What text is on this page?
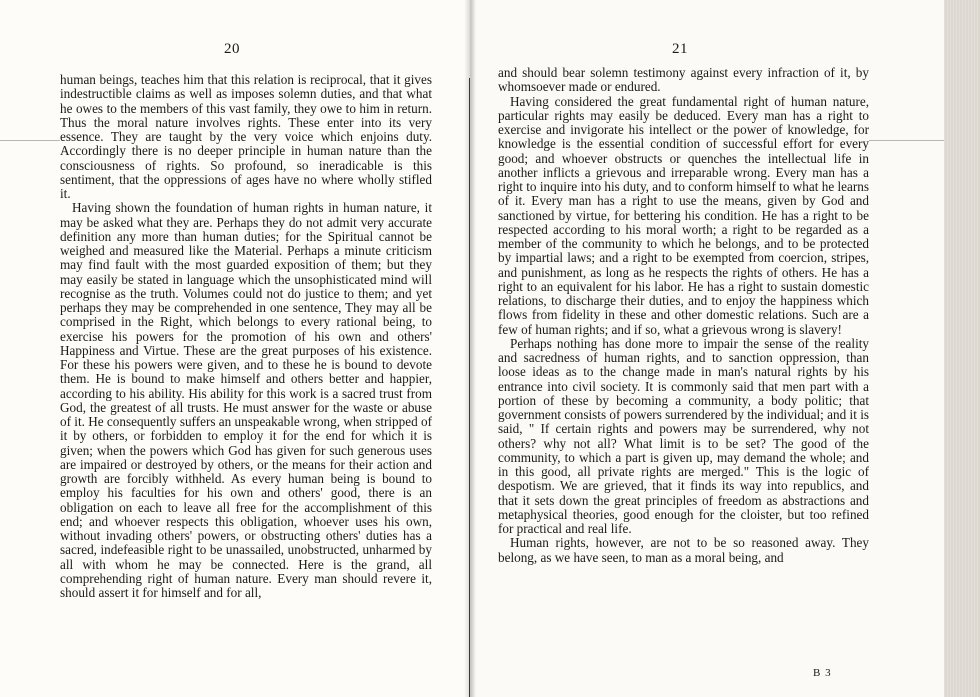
20

human beings, teaches him that this relation is reciprocal, that it gives indestructible claims as well as imposes solemn duties, and that what he owes to the members of this vast family, they owe to him in return. Thus the moral nature involves rights. These enter into its very essence. They are taught by the very voice which enjoins duty. Accordingly there is no deeper principle in human nature than the consciousness of rights. So profound, so ineradicable is this sentiment, that the oppressions of ages have no where wholly stifled it.

Having shown the foundation of human rights in human nature, it may be asked what they are. Perhaps they do not admit very accurate definition any more than human duties; for the Spiritual cannot be weighed and measured like the Material. Perhaps a minute criticism may find fault with the most guarded exposition of them; but they may easily be stated in language which the unsophisticated mind will recognise as the truth. Volumes could not do justice to them; and yet perhaps they may be comprehended in one sentence, They may all be comprised in the Right, which belongs to every rational being, to exercise his powers for the promotion of his own and others' Happiness and Virtue. These are the great purposes of his existence. For these his powers were given, and to these he is bound to devote them. He is bound to make himself and others better and happier, according to his ability. His ability for this work is a sacred trust from God, the greatest of all trusts. He must answer for the waste or abuse of it. He consequently suffers an unspeakable wrong, when stripped of it by others, or forbidden to employ it for the end for which it is given; when the powers which God has given for such generous uses are impaired or destroyed by others, or the means for their action and growth are forcibly withheld. As every human being is bound to employ his faculties for his own and others' good, there is an obligation on each to leave all free for the accomplishment of this end; and whoever respects this obligation, whoever uses his own, without invading others' powers, or obstructing others' duties has a sacred, indefeasible right to be unassailed, unobstructed, unharmed by all with whom he may be connected. Here is the grand, all comprehending right of human nature. Every man should revere it, should assert it for himself and for all,

21

and should bear solemn testimony against every infraction of it, by whomsoever made or endured.

Having considered the great fundamental right of human nature, particular rights may easily be deduced. Every man has a right to exercise and invigorate his intellect or the power of knowledge, for knowledge is the essential condition of successful effort for every good; and whoever obstructs or quenches the intellectual life in another inflicts a grievous and irreparable wrong. Every man has a right to inquire into his duty, and to conform himself to what he learns of it. Every man has a right to use the means, given by God and sanctioned by virtue, for bettering his condition. He has a right to be respected according to his moral worth; a right to be regarded as a member of the community to which he belongs, and to be protected by impartial laws; and a right to be exempted from coercion, stripes, and punishment, as long as he respects the rights of others. He has a right to an equivalent for his labor. He has a right to sustain domestic relations, to discharge their duties, and to enjoy the happiness which flows from fidelity in these and other domestic relations. Such are a few of human rights; and if so, what a grievous wrong is slavery!

Perhaps nothing has done more to impair the sense of the reality and sacredness of human rights, and to sanction oppression, than loose ideas as to the change made in man's natural rights by his entrance into civil society. It is commonly said that men part with a portion of these by becoming a community, a body politic; that government consists of powers surrendered by the individual; and it is said, " If certain rights and powers may be surrendered, why not others? why not all? What limit is to be set? The good of the community, to which a part is given up, may demand the whole; and in this good, all private rights are merged." This is the logic of despotism. We are grieved, that it finds its way into republics, and that it sets down the great principles of freedom as abstractions and metaphysical theories, good enough for the cloister, but too refined for practical and real life.

Human rights, however, are not to be so reasoned away. They belong, as we have seen, to man as a moral being, and

B 3
